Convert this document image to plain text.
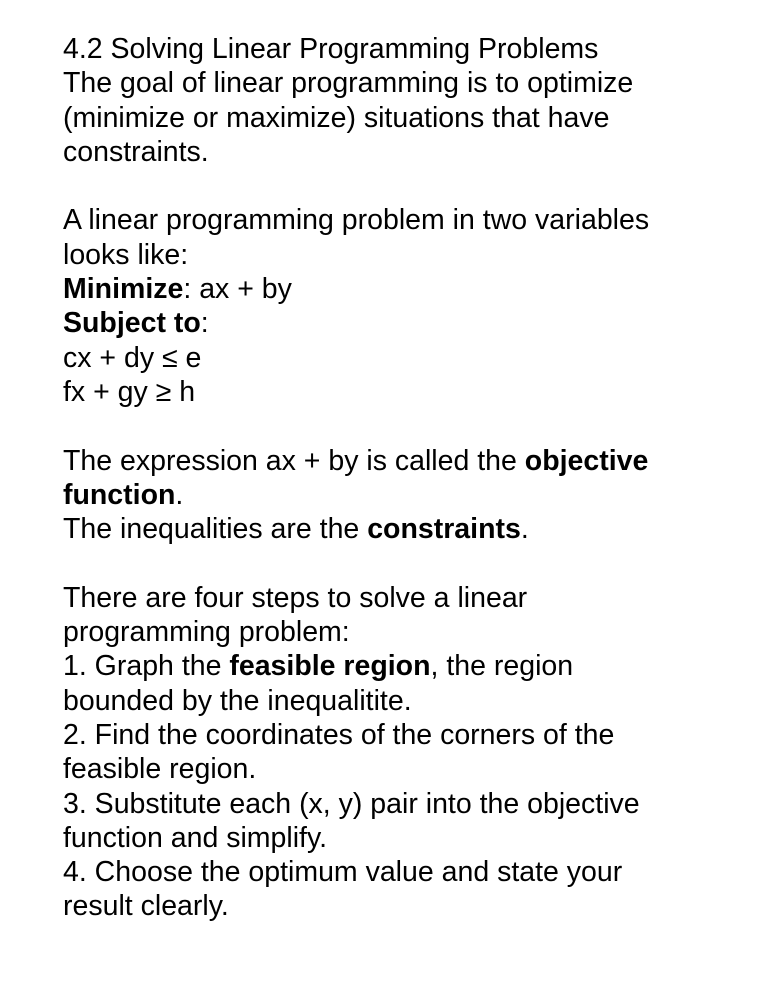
4.2 Solving Linear Programming Problems
The goal of linear programming is to optimize
(minimize or maximize) situations that have
constraints.
A linear programming problem in two variables
looks like:
Minimize: ax + by
Subject to:
cx + dy ≤ e
fx + gy ≥ h
The expression ax + by is called the objective
function.
The inequalities are the constraints.
There are four steps to solve a linear
programming problem:
1. Graph the feasible region, the region
bounded by the inequalitite.
2. Find the coordinates of the corners of the
feasible region.
3. Substitute each (x, y) pair into the objective
function and simplify.
4. Choose the optimum value and state your
result clearly.
